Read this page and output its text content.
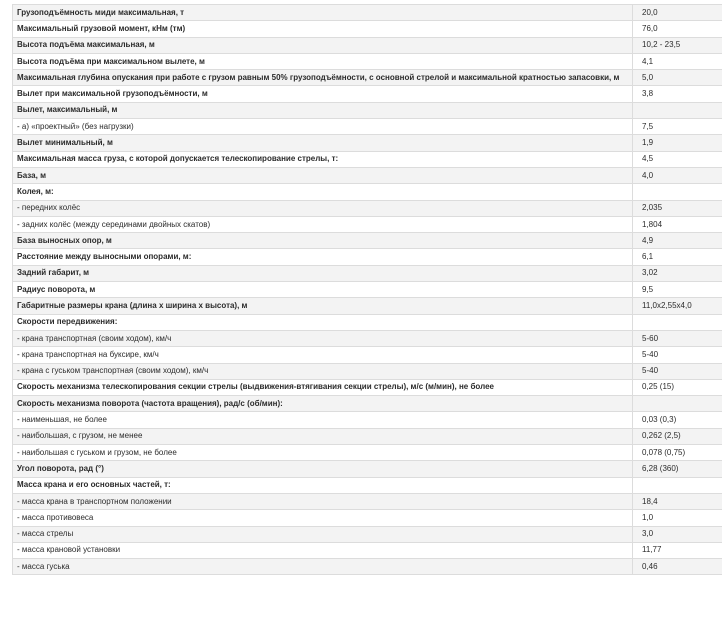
Грузоподъёмность миди максимальная, т	20,0
Максимальный грузовой момент, кНм (тм)	76,0
Высота подъёма максимальная, м	10,2 - 23,5
Высота подъёма при максимальном вылете, м	4,1
Максимальная глубина опускания при работе с грузом равным 50% грузоподъёмности, с основной стрелой и максимальной кратностью запасовки, м	5,0
Вылет при максимальной грузоподъёмности, м	3,8
Вылет, максимальный, м	
- а) «проектный» (без нагрузки)	7,5
Вылет минимальный, м	1,9
Максимальная масса груза, с которой допускается телескопирование стрелы, т:	4,5
База, м	4,0
Колея, м:	
- передних колёс	2,035
- задних колёс (между серединами двойных скатов)	1,804
База выносных опор, м	4,9
Расстояние между выносными опорами, м:	6,1
Задний габарит, м	3,02
Радиус поворота, м	9,5
Габаритные размеры крана (длина x ширина x высота), м	11,0x2,55x4,0
Скорости передвижения:	
- крана транспортная (своим ходом), км/ч	5-60
- крана транспортная на буксире, км/ч	5-40
- крана с гуськом транспортная (своим ходом), км/ч	5-40
Скорость механизма телескопирования секции стрелы (выдвижения-втягивания секции стрелы), м/с (м/мин), не более	0,25 (15)
Скорость механизма поворота (частота вращения), рад/с (об/мин):	
- наименьшая, не более	0,03 (0,3)
- наибольшая, с грузом, не менее	0,262 (2,5)
- наибольшая с гуськом и грузом, не более	0,078 (0,75)
Угол поворота, рад (°)	6,28 (360)
Масса крана и его основных частей, т:	
- масса крана в транспортном положении	18,4
- масса противовеса	1,0
- масса стрелы	3,0
- масса крановой установки	11,77
- масса гуська	0,46
